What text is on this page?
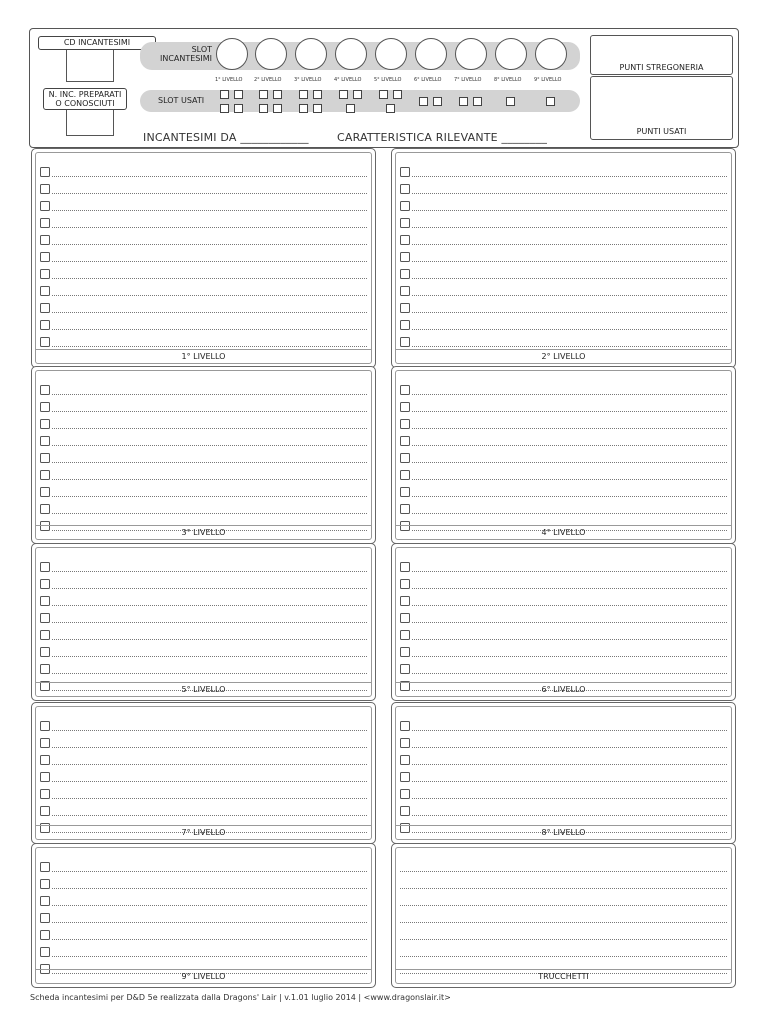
CD INCANTESIMI
N. INC. PREPARATI
O CONOSCIUTI
SLOT
INCANTESIMI
1° LIVELLO 2° LIVELLO	3° LIVELLO	4° LIVELLO	5° LIVELLO	6° LIVELLO	7° LIVELLO	8° LIVELLO	9° LIVELLO
SLOT USATI
INCANTESIMI DA ____________	CARATTERISTICA RILEVANTE ________
PUNTI STREGONERIA
PUNTI USATI
1° LIVELLO	2° LIVELLO
3° LIVELLO	4° LIVELLO
5° LIVELLO	6° LIVELLO
7° LIVELLO	8° LIVELLO
9° LIVELLO	TRUCCHETTI
Scheda incantesimi per D&D 5e realizzata dalla Dragons' Lair | v.1.01 luglio 2014 | <www.dragonslair.it>
